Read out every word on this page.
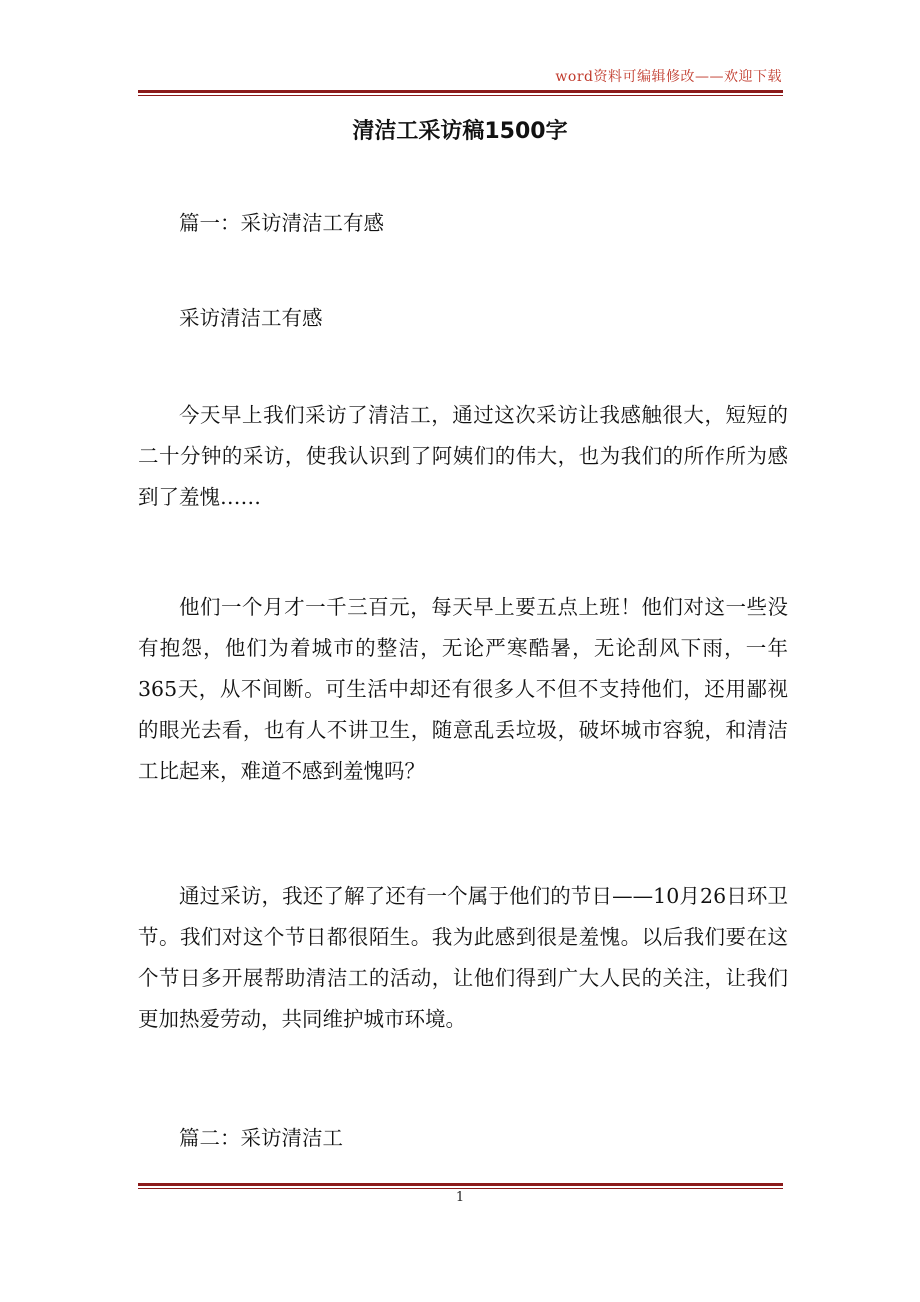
word资料可编辑修改——欢迎下载
清洁工采访稿1500字

篇一：采访清洁工有感

采访清洁工有感

今天早上我们采访了清洁工，通过这次采访让我感触很大，短短的二十分钟的采访，使我认识到了阿姨们的伟大，也为我们的所作所为感到了羞愧……

他们一个月才一千三百元，每天早上要五点上班！他们对这一些没有抱怨，他们为着城市的整洁，无论严寒酷暑，无论刮风下雨，一年365天，从不间断。可生活中却还有很多人不但不支持他们，还用鄙视的眼光去看，也有人不讲卫生，随意乱丢垃圾，破坏城市容貌，和清洁工比起来，难道不感到羞愧吗？

通过采访，我还了解了还有一个属于他们的节日——10月26日环卫节。我们对这个节日都很陌生。我为此感到很是羞愧。以后我们要在这个节日多开展帮助清洁工的活动，让他们得到广大人民的关注，让我们更加热爱劳动，共同维护城市环境。

篇二：采访清洁工

1
